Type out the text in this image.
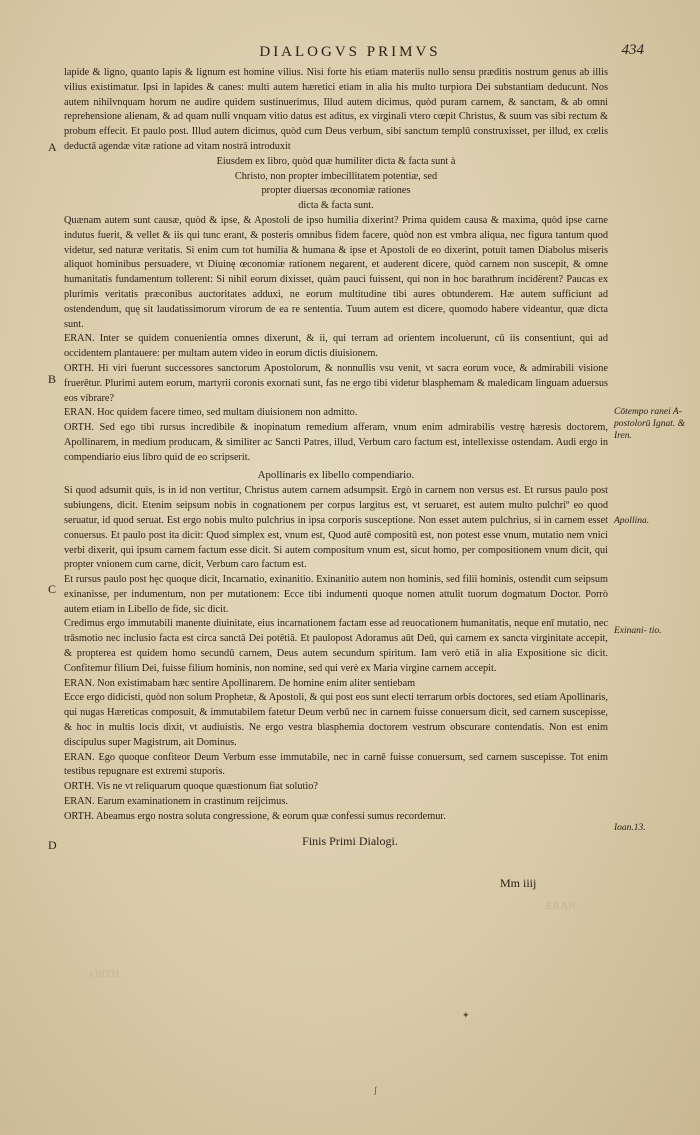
DIALOGVS PRIMVS	434
A
B
C
D

lapide & ligno, quanto lapis & lignum est homine vilius. Nisi forte his etiam materiis nullo sensu præditis nostrum genus ab illis vilius existimatur. Ipsi in lapides & canes: multi autem hæretici etiam in alia his multo turpiora Dei substantiam deducunt. Nos autem nihilvnquam horum ne audire quidem sustinuerimus, Illud autem dicimus, quòd puram carnem, & sanctam, & ab omni reprehensione alienam, & ad quam nulli vnquam vitio datus est aditus, ex virginali vtero cœpit Christus, & suum vas sibi rectum & probum effecit. Et paulo post. Illud autem dicimus, quòd cum Deus verbum, sibi sanctum templū construxisset, per illud, ex cœlis deductā agendæ vitæ ratione ad vitam nostrā introduxit

Eiusdem ex libro, quòd quæ humiliter dicta & facta sunt à

Christo, non propter imbecillitatem potentiæ, sed

propter diuersas œconomiæ rationes

dicta & facta sunt.

Quænam autem sunt causæ, quòd & ipse, & Apostoli de ipso humilia dixerint? Prima quidem causa & maxima, quòd ipse carne indutus fuerit, & vellet & iis qui tunc erant, & posteris omnibus fidem facere, quòd non est vmbra aliqua, nec figura tantum quod videtur, sed naturæ veritatis. Si enim cum tot humilia & humana & ipse et Apostoli de eo dixerint, potuit tamen Diabolus miseris aliquot hominibus persuadere, vt Diuinę œconomiæ rationem negarent, et auderent dicere, quòd carnem non suscepit, & omne humanitatis fundamentum tollerent: Si nihil eorum dixisset, quàm pauci fuissent, qui non in hoc barathrum incidërent? Paucas ex plurimis veritatis præconibus auctoritates adduxi, ne eorum multitudine tibi aures obtunderem. Hæ autem sufficiunt ad ostendendum, quę sit laudatissimorum virorum de ea re sententia. Tuum autem est dicere, quomodo habere videantur, quæ dicta sunt.

ERAN. Inter se quidem conuenientia omnes dixerunt, & ii, qui terram ad orientem incoluerunt, cū iis consentiunt, qui ad occidentem plantauere: per multam autem video in eorum dictis diuisionem.

ORTH. Hi viri fuerunt successores sanctorum Apostolorum, & nonnullis vsu venit, vt sacra eorum voce, & admirabili visione fruerētur. Plurimi autem eorum, martyrii coronis exornati sunt, fas ne ergo tibi videtur blasphemam & maledicam linguam aduersus eos vibrare?

ERAN. Hoc quidem facere timeo, sed multam diuisionem non admitto.

ORTH. Sed ego tibi rursus incredibile & inopinatum remedium afferam, vnum enim admirabilis vestrę hæresis doctorem, Apollinarem, in medium producam, & similiter ac Sancti Patres, illud, Verbum caro factum est, intellexisse ostendam. Audi ergo in compendiario eius libro quid de eo scripserit.

Apollinaris ex libello compendiario.

Si quod adsumit quis, is in id non vertitur, Christus autem carnem adsumpsit. Ergò in carnem non versus est. Et rursus paulo post subiungens, dicit. Etenim seipsum nobis in cognationem per corpus largitus est, vt seruaret, est autem multo pulchriº eo quod seruatur, id quod seruat. Est ergo nobis multo pulchrius in ipsa corporis susceptione. Non esset autem pulchrius, si in carnem esset conuersus. Et paulo post ita dicit: Quod simplex est, vnum est, Quod autē compositū est, non potest esse vnum, mutatio nem vnici verbi dixerit, qui ipsum carnem factum esse dicit. Si autem compositum vnum est, sicut homo, per compositionem vnum dicit, qui propter vnionem cum carne, dicit, Verbum caro factum est.

Et rursus paulo post hęc quoque dicit, Incarnatio, exinanitio. Exinanitio autem non hominis, sed filii hominis, ostendit cum seipsum exinanisse, per indumentum, non per mutationem: Ecce tibi indumenti quoque nomen attulit tuorum dogmatum Doctor. Porrò autem etiam in Libello de fide, sic dicit.

Credimus ergo immutabili manente diuinitate, eius incarnationem factam esse ad reuocationem humanitatis, neque enī mutatio, nec trāsmotio nec inclusio facta est circa sanctā Dei potētiā. Et paulopost Adoramus aūt Deū, qui carnem ex sancta virginitate accepit, & propterea est quidem homo secundū carnem, Deus autem secundum spiritum. Iam verò etiā in alia Expositione sic dicit. Confitemur filium Dei, fuisse filium hominis, non nomine, sed qui verè ex Maria virgine carnem accepit.

ERAN. Non existimabam hæc sentire Apollinarem. De homine enim aliter sentiebam

Ecce ergo didicisti, quòd non solum Prophetæ, & Apostoli, & qui post eos sunt electi terrarum orbis doctores, sed etiam Apollinaris, qui nugas Hæreticas composuit, & immutabilem fatetur Deum verbū nec in carnem fuisse conuersum dicit, sed carnem suscepisse, & hoc in multis locis dixit, vt audiuistis. Ne ergo vestra blasphemia doctorem vestrum obscurare contendatis. Non est enim discipulus super Magistrum, ait Dominus.

ERAN. Ego quoque confiteor Deum Verbum esse immutabile, nec in carnē fuisse conuersum, sed carnem suscepisse. Tot enim testibus repugnare est extremi stuporis.

ORTH. Vis ne vt reliquarum quoque quæstionum fiat solutio?

ERAN. Earum examinationem in crastinum reijcimus.

ORTH. Abeamus ergo nostra soluta congressione, & eorum quæ confessi sumus recordemur.

Cōtempo ranei A- postolorū Ignat. & Iren.
Apollina.
Exinani- tio.
Ioan.13.
Finis Primi Dialogi.
Mm iiij
ORTH.
ERAN.
✦
ʃ
